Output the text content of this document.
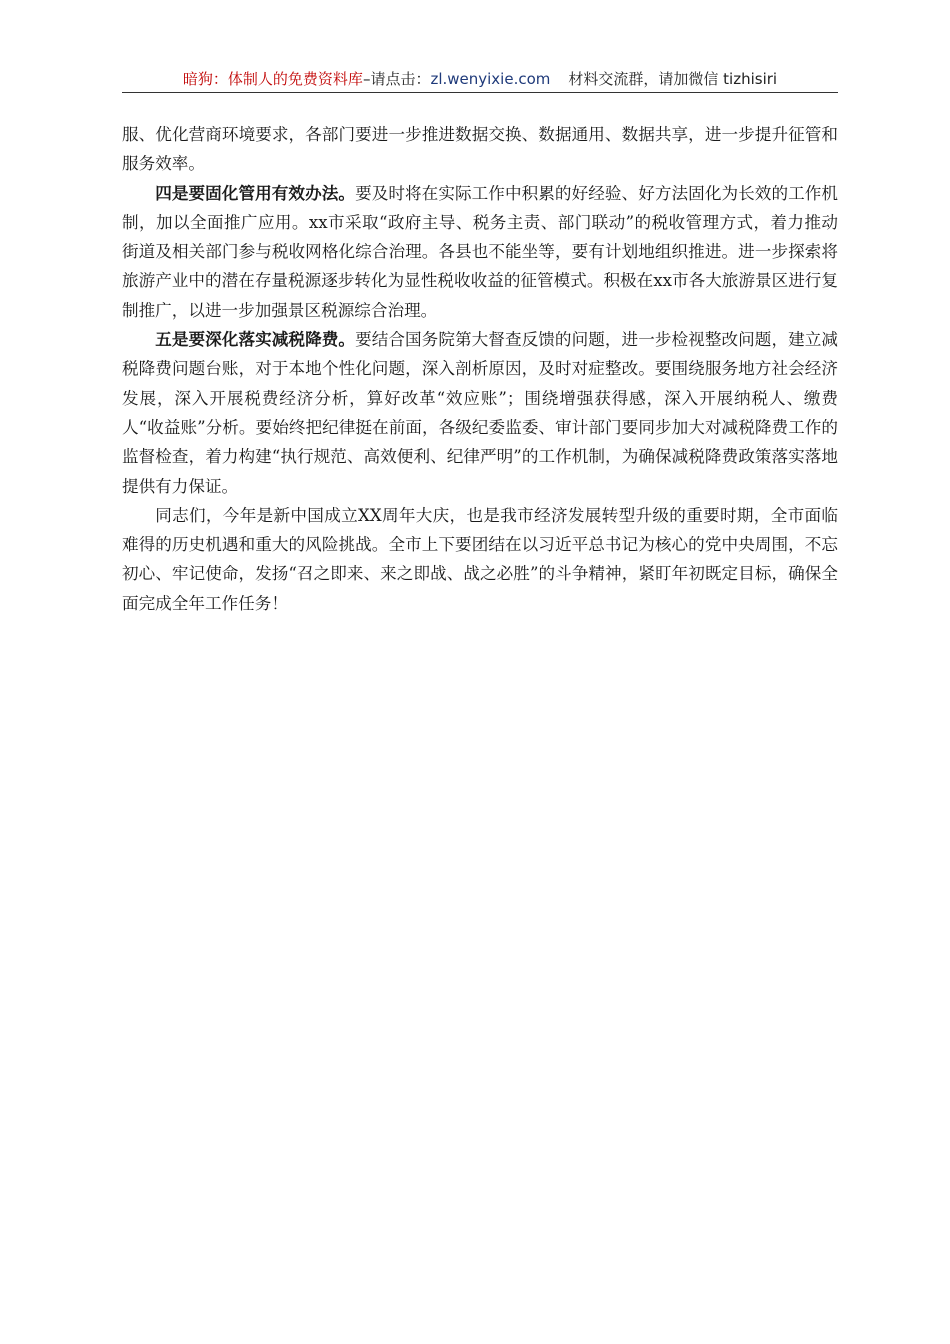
暗狗：体制人的免费资料库–请点击：zl.wenyixie.com 材料交流群，请加微信 tizhisiri

服、优化营商环境要求，各部门要进一步推进数据交换、数据通用、数据共享，进一步提升征管和服务效率。

四是要固化管用有效办法。要及时将在实际工作中积累的好经验、好方法固化为长效的工作机制，加以全面推广应用。xx市采取“政府主导、税务主责、部门联动”的税收管理方式，着力推动街道及相关部门参与税收网格化综合治理。各县也不能坐等，要有计划地组织推进。进一步探索将旅游产业中的潜在存量税源逐步转化为显性税收收益的征管模式。积极在xx市各大旅游景区进行复制推广，以进一步加强景区税源综合治理。

五是要深化落实减税降费。要结合国务院第大督查反馈的问题，进一步检视整改问题，建立减税降费问题台账，对于本地个性化问题，深入剖析原因，及时对症整改。要围绕服务地方社会经济发展，深入开展税费经济分析，算好改革“效应账”；围绕增强获得感，深入开展纳税人、缴费人“收益账”分析。要始终把纪律挺在前面，各级纪委监委、审计部门要同步加大对减税降费工作的监督检查，着力构建“执行规范、高效便利、纪律严明”的工作机制，为确保减税降费政策落实落地提供有力保证。

同志们，今年是新中国成立XX周年大庆，也是我市经济发展转型升级的重要时期，全市面临难得的历史机遇和重大的风险挑战。全市上下要团结在以习近平总书记为核心的党中央周围，不忘初心、牢记使命，发扬“召之即来、来之即战、战之必胜”的斗争精神，紧盯年初既定目标，确保全面完成全年工作任务！
